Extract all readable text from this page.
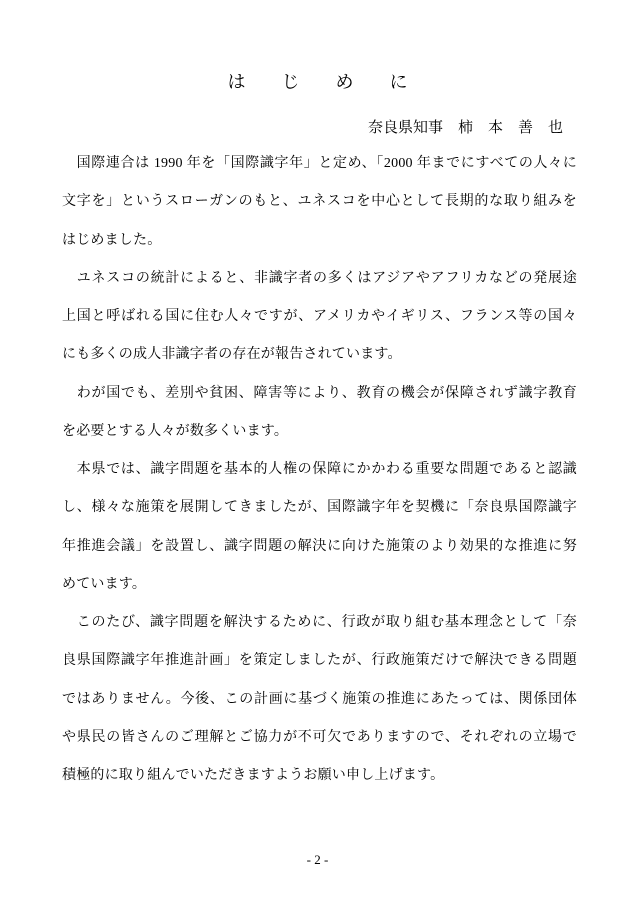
はじめに
奈良県知事　柿　本　善　也
　国際連合は 1990 年を「国際識字年」と定め、「2000 年までにすべての人々に
文字を」というスローガンのもと、ユネスコを中心として長期的な取り組みを
はじめました。
　ユネスコの統計によると、非識字者の多くはアジアやアフリカなどの発展途
上国と呼ばれる国に住む人々ですが、アメリカやイギリス、フランス等の国々
にも多くの成人非識字者の存在が報告されています。
　わが国でも、差別や貧困、障害等により、教育の機会が保障されず識字教育
を必要とする人々が数多くいます。
　本県では、識字問題を基本的人権の保障にかかわる重要な問題であると認識
し、様々な施策を展開してきましたが、国際識字年を契機に「奈良県国際識字
年推進会議」を設置し、識字問題の解決に向けた施策のより効果的な推進に努
めています。
　このたび、識字問題を解決するために、行政が取り組む基本理念として「奈
良県国際識字年推進計画」を策定しましたが、行政施策だけで解決できる問題
ではありません。今後、この計画に基づく施策の推進にあたっては、関係団体
や県民の皆さんのご理解とご協力が不可欠でありますので、それぞれの立場で
積極的に取り組んでいただきますようお願い申し上げます。
- 2 -
